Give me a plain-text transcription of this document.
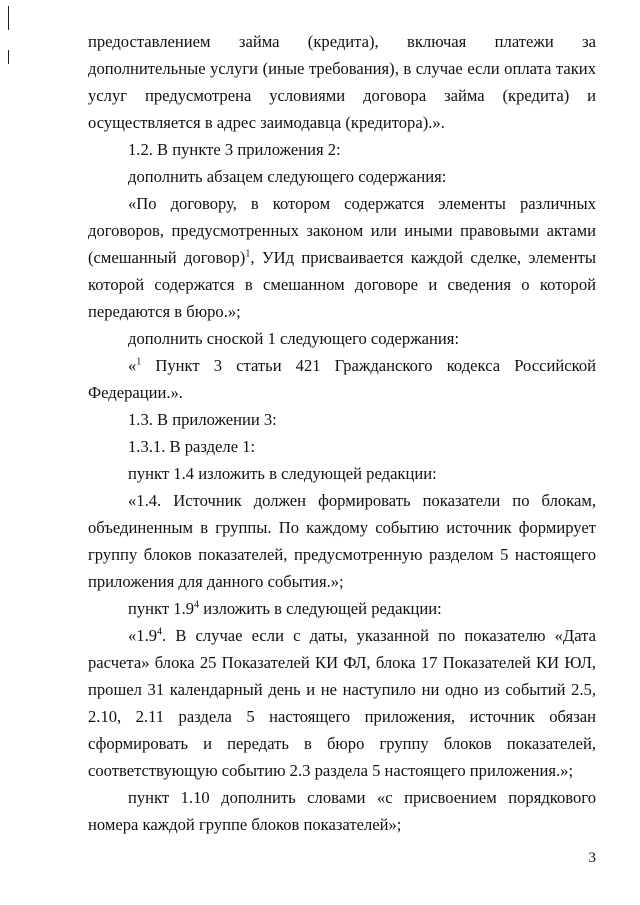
предоставлением займа (кредита), включая платежи за дополнительные услуги (иные требования), в случае если оплата таких услуг предусмотрена условиями договора займа (кредита) и осуществляется в адрес заимодавца (кредитора).».

1.2. В пункте 3 приложения 2:

дополнить абзацем следующего содержания:

«По договору, в котором содержатся элементы различных договоров, предусмотренных законом или иными правовыми актами (смешанный договор)$^1$, УИд присваивается каждой сделке, элементы которой содержатся в смешанном договоре и сведения о которой передаются в бюро.»;

дополнить сноской 1 следующего содержания:

«$^1$ Пункт 3 статьи 421 Гражданского кодекса Российской Федерации.».

1.3. В приложении 3:

1.3.1. В разделе 1:

пункт 1.4 изложить в следующей редакции:

«1.4. Источник должен формировать показатели по блокам, объединенным в группы. По каждому событию источник формирует группу блоков показателей, предусмотренную разделом 5 настоящего приложения для данного события.»;

пункт $1.9^4$ изложить в следующей редакции:

«$1.9^4$. В случае если с даты, указанной по показателю «Дата расчета» блока 25 Показателей КИ ФЛ, блока 17 Показателей КИ ЮЛ, прошел 31 календарный день и не наступило ни одно из событий 2.5, 2.10, 2.11 раздела 5 настоящего приложения, источник обязан сформировать и передать в бюро группу блоков показателей, соответствующую событию 2.3 раздела 5 настоящего приложения.»;

пункт 1.10 дополнить словами «с присвоением порядкового номера каждой группе блоков показателей»;

3
